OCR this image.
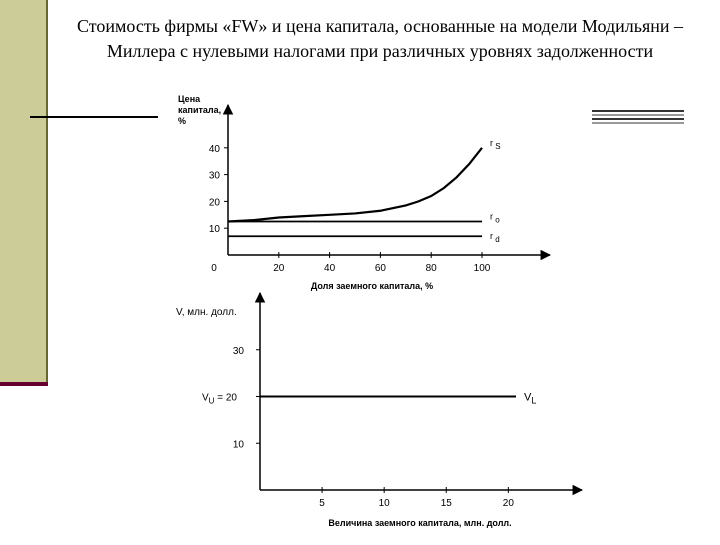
Стоимость фирмы «FW» и цена капитала, основанные на модели Модильяни – Миллера с нулевыми налогами при различных уровнях задолженности
Цена капитала, %
Доля заемного капитала, %
0	20	40	60	80	100
10
20
30
40
r S
r o
r d
V, млн. долл.
Величина заемного капитала, млн. долл.
5	10	15	20
10
30
$V_U = 20$	$V_L$
